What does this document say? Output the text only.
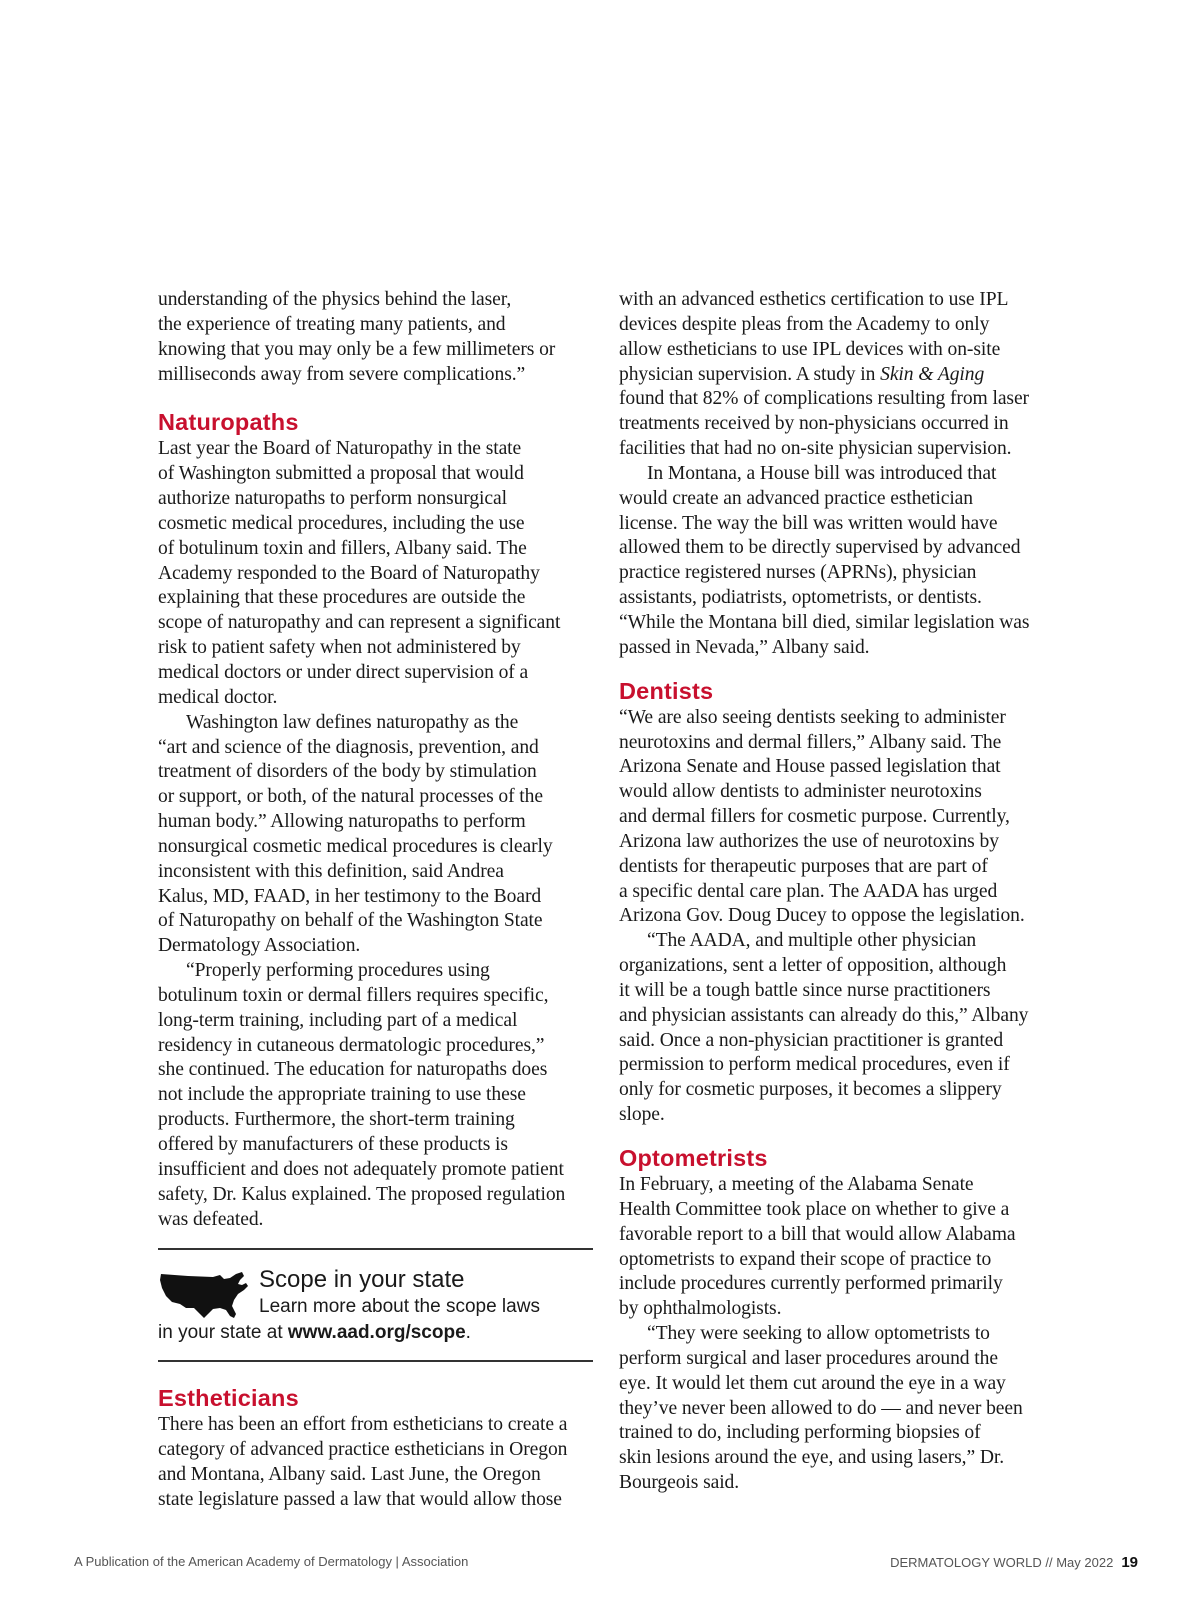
understanding of the physics behind the laser,

the experience of treating many patients, and

knowing that you may only be a few millimeters or

milliseconds away from severe complications.”

Naturopaths

Last year the Board of Naturopathy in the state

of Washington submitted a proposal that would

authorize naturopaths to perform nonsurgical

cosmetic medical procedures, including the use

of botulinum toxin and fillers, Albany said. The

Academy responded to the Board of Naturopathy

explaining that these procedures are outside the

scope of naturopathy and can represent a significant

risk to patient safety when not administered by

medical doctors or under direct supervision of a

medical doctor.

Washington law defines naturopathy as the

“art and science of the diagnosis, prevention, and

treatment of disorders of the body by stimulation

or support, or both, of the natural processes of the

human body.” Allowing naturopaths to perform

nonsurgical cosmetic medical procedures is clearly

inconsistent with this definition, said Andrea

Kalus, MD, FAAD, in her testimony to the Board

of Naturopathy on behalf of the Washington State

Dermatology Association.

“Properly performing procedures using

botulinum toxin or dermal fillers requires specific,

long-term training, including part of a medical

residency in cutaneous dermatologic procedures,”

she continued. The education for naturopaths does

not include the appropriate training to use these

products. Furthermore, the short-term training

offered by manufacturers of these products is

insufficient and does not adequately promote patient

safety, Dr. Kalus explained. The proposed regulation

was defeated.

Scope in your state
Learn more about the scope laws
in your state at www.aad.org/scope.
Estheticians

There has been an effort from estheticians to create a

category of advanced practice estheticians in Oregon

and Montana, Albany said. Last June, the Oregon

state legislature passed a law that would allow those

with an advanced esthetics certification to use IPL

devices despite pleas from the Academy to only

allow estheticians to use IPL devices with on-site

physician supervision. A study in Skin & Aging

found that 82% of complications resulting from laser

treatments received by non-physicians occurred in

facilities that had no on-site physician supervision.

In Montana, a House bill was introduced that

would create an advanced practice esthetician

license. The way the bill was written would have

allowed them to be directly supervised by advanced

practice registered nurses (APRNs), physician

assistants, podiatrists, optometrists, or dentists.

“While the Montana bill died, similar legislation was

passed in Nevada,” Albany said.

Dentists

“We are also seeing dentists seeking to administer

neurotoxins and dermal fillers,” Albany said. The

Arizona Senate and House passed legislation that

would allow dentists to administer neurotoxins

and dermal fillers for cosmetic purpose. Currently,

Arizona law authorizes the use of neurotoxins by

dentists for therapeutic purposes that are part of

a specific dental care plan. The AADA has urged

Arizona Gov. Doug Ducey to oppose the legislation.

“The AADA, and multiple other physician

organizations, sent a letter of opposition, although

it will be a tough battle since nurse practitioners

and physician assistants can already do this,” Albany

said. Once a non-physician practitioner is granted

permission to perform medical procedures, even if

only for cosmetic purposes, it becomes a slippery

slope.

Optometrists

In February, a meeting of the Alabama Senate

Health Committee took place on whether to give a

favorable report to a bill that would allow Alabama

optometrists to expand their scope of practice to

include procedures currently performed primarily

by ophthalmologists.

“They were seeking to allow optometrists to

perform surgical and laser procedures around the

eye. It would let them cut around the eye in a way

they’ve never been allowed to do — and never been

trained to do, including performing biopsies of

skin lesions around the eye, and using lasers,” Dr.

Bourgeois said.

A Publication of the American Academy of Dermatology | Association	DERMATOLOGY WORLD // May 2022 19
